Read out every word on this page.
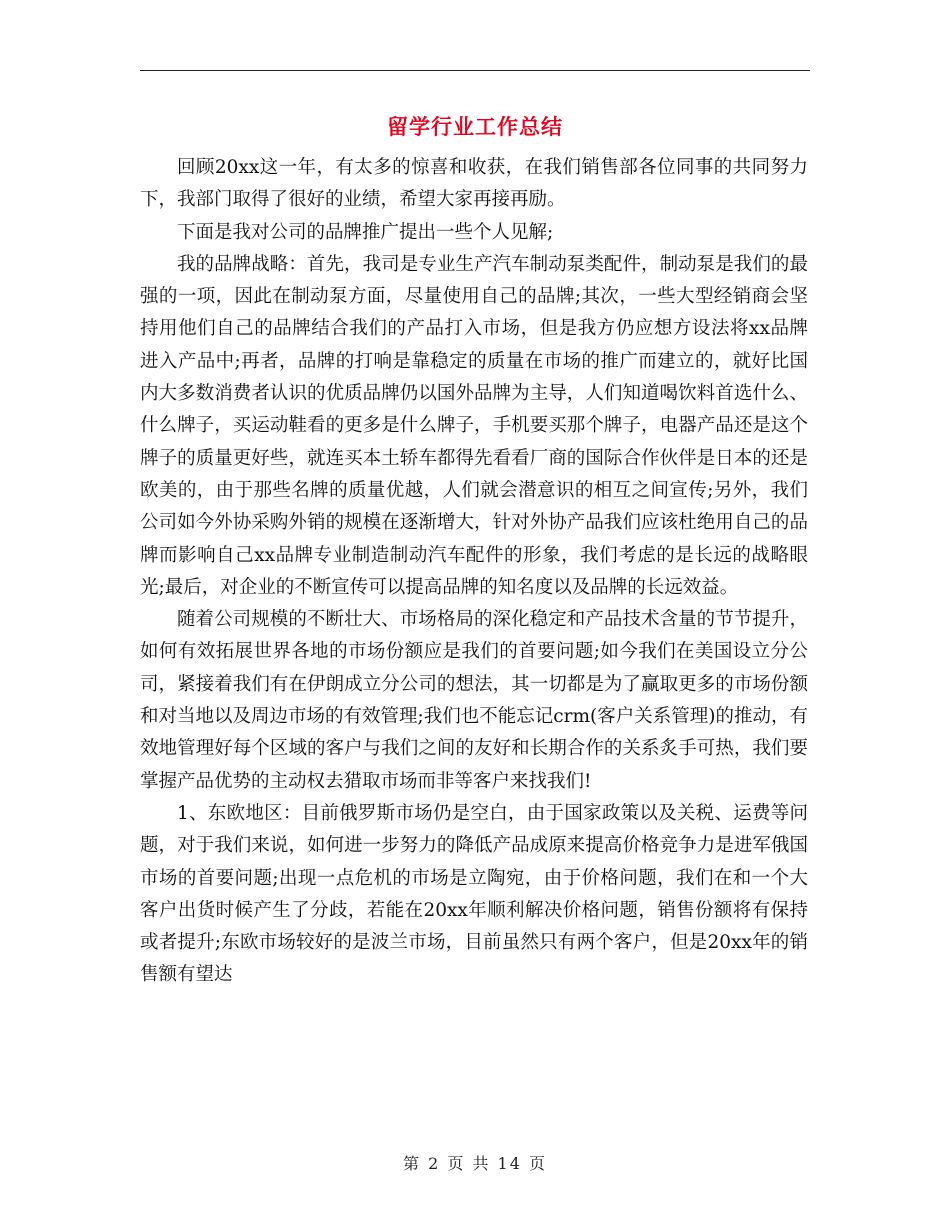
留学行业工作总结

回顾20xx这一年，有太多的惊喜和收获，在我们销售部各位同事的共同努力下，我部门取得了很好的业绩，希望大家再接再励。

下面是我对公司的品牌推广提出一些个人见解;

我的品牌战略：首先，我司是专业生产汽车制动泵类配件，制动泵是我们的最强的一项，因此在制动泵方面，尽量使用自己的品牌;其次，一些大型经销商会坚持用他们自己的品牌结合我们的产品打入市场，但是我方仍应想方设法将xx品牌进入产品中;再者，品牌的打响是靠稳定的质量在市场的推广而建立的，就好比国内大多数消费者认识的优质品牌仍以国外品牌为主导，人们知道喝饮料首选什么、什么牌子，买运动鞋看的更多是什么牌子，手机要买那个牌子，电器产品还是这个牌子的质量更好些，就连买本土轿车都得先看看厂商的国际合作伙伴是日本的还是欧美的，由于那些名牌的质量优越，人们就会潜意识的相互之间宣传;另外，我们公司如今外协采购外销的规模在逐渐增大，针对外协产品我们应该杜绝用自己的品牌而影响自己xx品牌专业制造制动汽车配件的形象，我们考虑的是长远的战略眼光;最后，对企业的不断宣传可以提高品牌的知名度以及品牌的长远效益。

随着公司规模的不断壮大、市场格局的深化稳定和产品技术含量的节节提升，如何有效拓展世界各地的市场份额应是我们的首要问题;如今我们在美国设立分公司，紧接着我们有在伊朗成立分公司的想法，其一切都是为了赢取更多的市场份额和对当地以及周边市场的有效管理;我们也不能忘记crm(客户关系管理)的推动，有效地管理好每个区域的客户与我们之间的友好和长期合作的关系炙手可热，我们要掌握产品优势的主动权去猎取市场而非等客户来找我们!

1、东欧地区：目前俄罗斯市场仍是空白，由于国家政策以及关税、运费等问题，对于我们来说，如何进一步努力的降低产品成原来提高价格竞争力是进军俄国市场的首要问题;出现一点危机的市场是立陶宛，由于价格问题，我们在和一个大客户出货时候产生了分歧，若能在20xx年顺利解决价格问题，销售份额将有保持或者提升;东欧市场较好的是波兰市场，目前虽然只有两个客户，但是20xx年的销售额有望达

第 2 页 共 14 页
